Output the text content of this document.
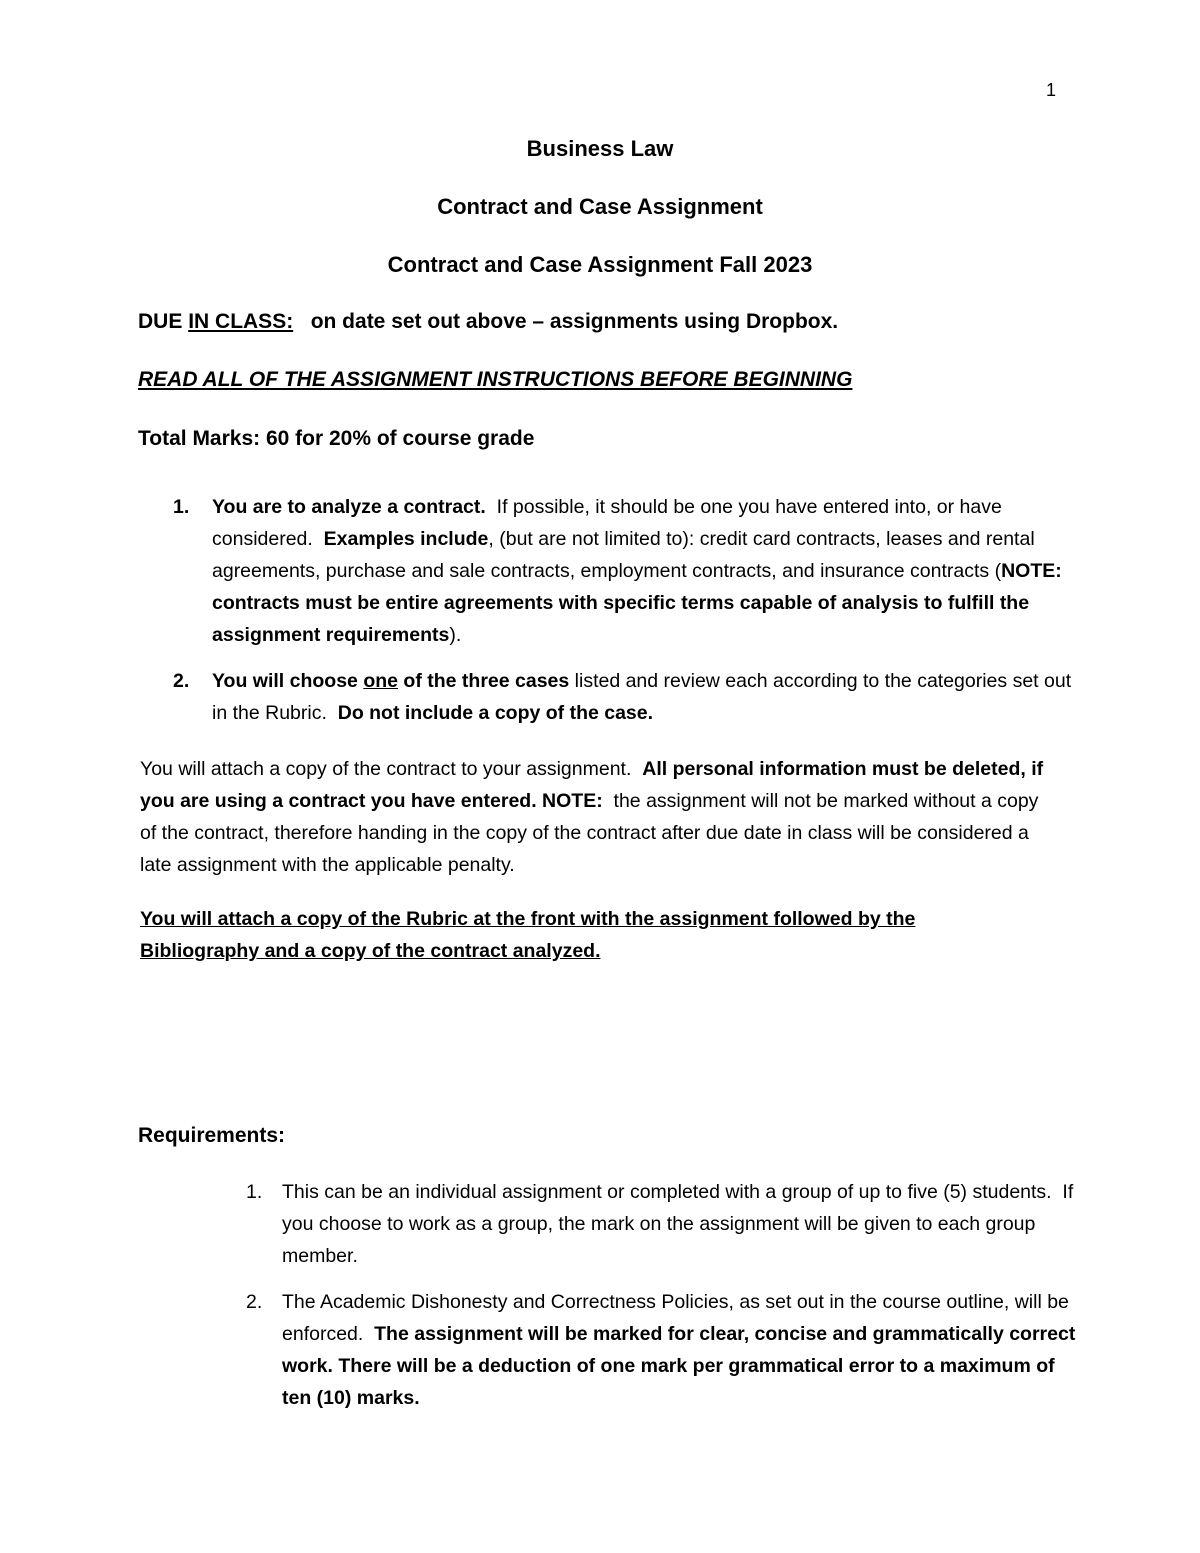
1
Business Law
Contract and Case Assignment
Contract and Case Assignment Fall 2023
DUE IN CLASS:   on date set out above – assignments using Dropbox.
READ ALL OF THE ASSIGNMENT INSTRUCTIONS BEFORE BEGINNING
Total Marks: 60 for 20% of course grade
1. You are to analyze a contract.  If possible, it should be one you have entered into, or have considered.  Examples include, (but are not limited to): credit card contracts, leases and rental agreements, purchase and sale contracts, employment contracts, and insurance contracts (NOTE: contracts must be entire agreements with specific terms capable of analysis to fulfill the assignment requirements).
2. You will choose one of the three cases listed and review each according to the categories set out in the Rubric.  Do not include a copy of the case.
You will attach a copy of the contract to your assignment.  All personal information must be deleted, if you are using a contract you have entered. NOTE:  the assignment will not be marked without a copy of the contract, therefore handing in the copy of the contract after due date in class will be considered a late assignment with the applicable penalty.
You will attach a copy of the Rubric at the front with the assignment followed by the Bibliography and a copy of the contract analyzed.
Requirements:
1. This can be an individual assignment or completed with a group of up to five (5) students.  If you choose to work as a group, the mark on the assignment will be given to each group member.
2. The Academic Dishonesty and Correctness Policies, as set out in the course outline, will be enforced.  The assignment will be marked for clear, concise and grammatically correct work. There will be a deduction of one mark per grammatical error to a maximum of ten (10) marks.
